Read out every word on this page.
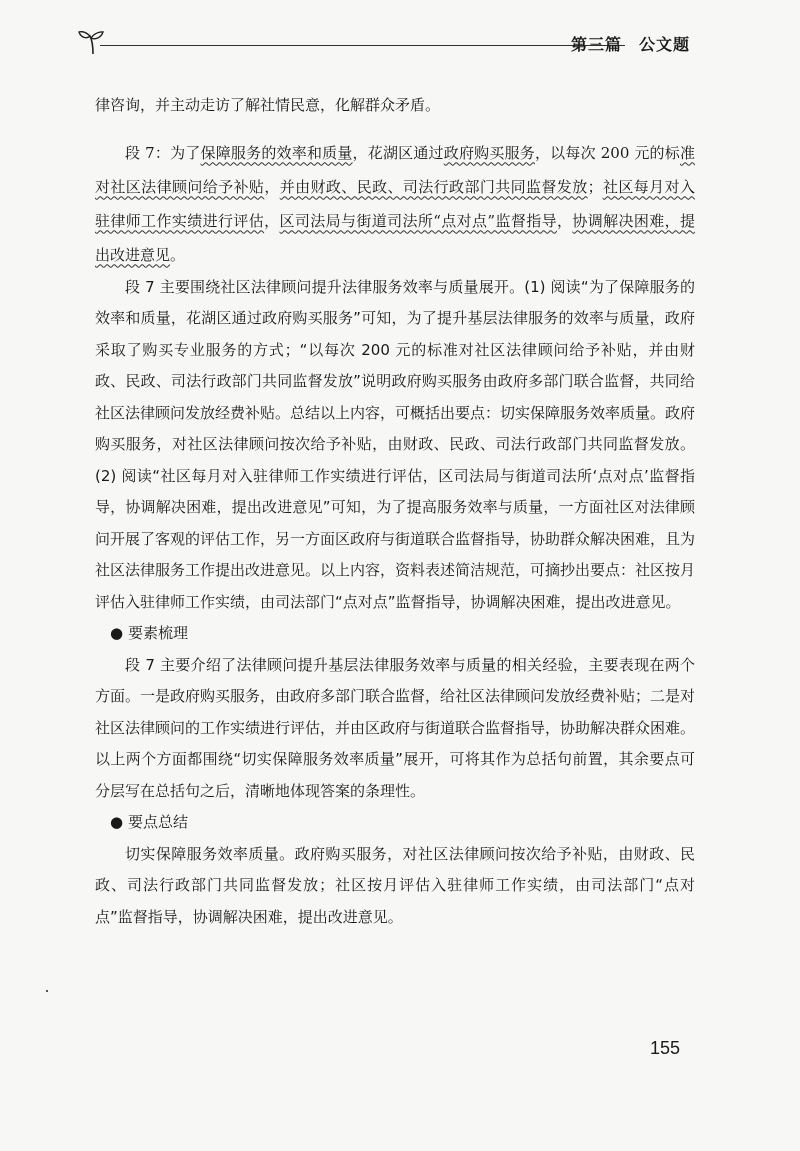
第三篇　公文题

律咨询，并主动走访了解社情民意，化解群众矛盾。

段 7：为了保障服务的效率和质量，花湖区通过政府购买服务，以每次 200 元的标准对社区法律顾问给予补贴，并由财政、民政、司法行政部门共同监督发放；社区每月对入驻律师工作实绩进行评估，区司法局与街道司法所“点对点”监督指导，协调解决困难，提出改进意见。

段 7 主要围绕社区法律顾问提升法律服务效率与质量展开。(1) 阅读“为了保障服务的效率和质量，花湖区通过政府购买服务”可知，为了提升基层法律服务的效率与质量，政府采取了购买专业服务的方式；“以每次 200 元的标准对社区法律顾问给予补贴，并由财政、民政、司法行政部门共同监督发放”说明政府购买服务由政府多部门联合监督，共同给社区法律顾问发放经费补贴。总结以上内容，可概括出要点：切实保障服务效率质量。政府购买服务，对社区法律顾问按次给予补贴，由财政、民政、司法行政部门共同监督发放。(2) 阅读“社区每月对入驻律师工作实绩进行评估，区司法局与街道司法所‘点对点’监督指导，协调解决困难，提出改进意见”可知，为了提高服务效率与质量，一方面社区对法律顾问开展了客观的评估工作，另一方面区政府与街道联合监督指导，协助群众解决困难，且为社区法律服务工作提出改进意见。以上内容，资料表述简洁规范，可摘抄出要点：社区按月评估入驻律师工作实绩，由司法部门“点对点”监督指导，协调解决困难，提出改进意见。

● 要素梳理

段 7 主要介绍了法律顾问提升基层法律服务效率与质量的相关经验，主要表现在两个方面。一是政府购买服务，由政府多部门联合监督，给社区法律顾问发放经费补贴；二是对社区法律顾问的工作实绩进行评估，并由区政府与街道联合监督指导，协助解决群众困难。以上两个方面都围绕“切实保障服务效率质量”展开，可将其作为总括句前置，其余要点可分层写在总括句之后，清晰地体现答案的条理性。

● 要点总结

切实保障服务效率质量。政府购买服务，对社区法律顾问按次给予补贴，由财政、民政、司法行政部门共同监督发放；社区按月评估入驻律师工作实绩，由司法部门“点对点”监督指导，协调解决困难，提出改进意见。

155
